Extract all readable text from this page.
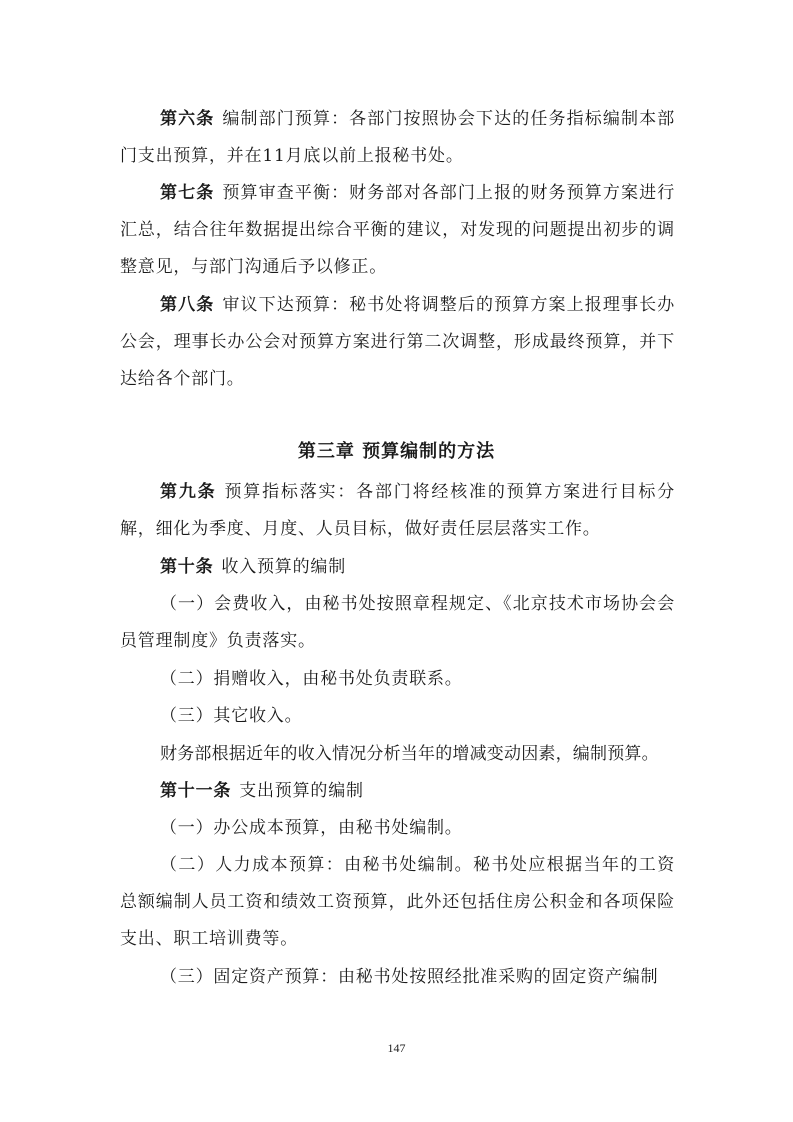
第六条 编制部门预算：各部门按照协会下达的任务指标编制本部门支出预算，并在11月底以前上报秘书处。

第七条 预算审查平衡：财务部对各部门上报的财务预算方案进行汇总，结合往年数据提出综合平衡的建议，对发现的问题提出初步的调整意见，与部门沟通后予以修正。

第八条 审议下达预算：秘书处将调整后的预算方案上报理事长办公会，理事长办公会对预算方案进行第二次调整，形成最终预算，并下达给各个部门。

第三章 预算编制的方法

第九条 预算指标落实：各部门将经核准的预算方案进行目标分解，细化为季度、月度、人员目标，做好责任层层落实工作。

第十条 收入预算的编制

（一）会费收入，由秘书处按照章程规定、《北京技术市场协会会员管理制度》负责落实。

（二）捐赠收入，由秘书处负责联系。

（三）其它收入。

财务部根据近年的收入情况分析当年的增减变动因素，编制预算。

第十一条 支出预算的编制

（一）办公成本预算，由秘书处编制。

（二）人力成本预算：由秘书处编制。秘书处应根据当年的工资总额编制人员工资和绩效工资预算，此外还包括住房公积金和各项保险支出、职工培训费等。

（三）固定资产预算：由秘书处按照经批准采购的固定资产编制

147
